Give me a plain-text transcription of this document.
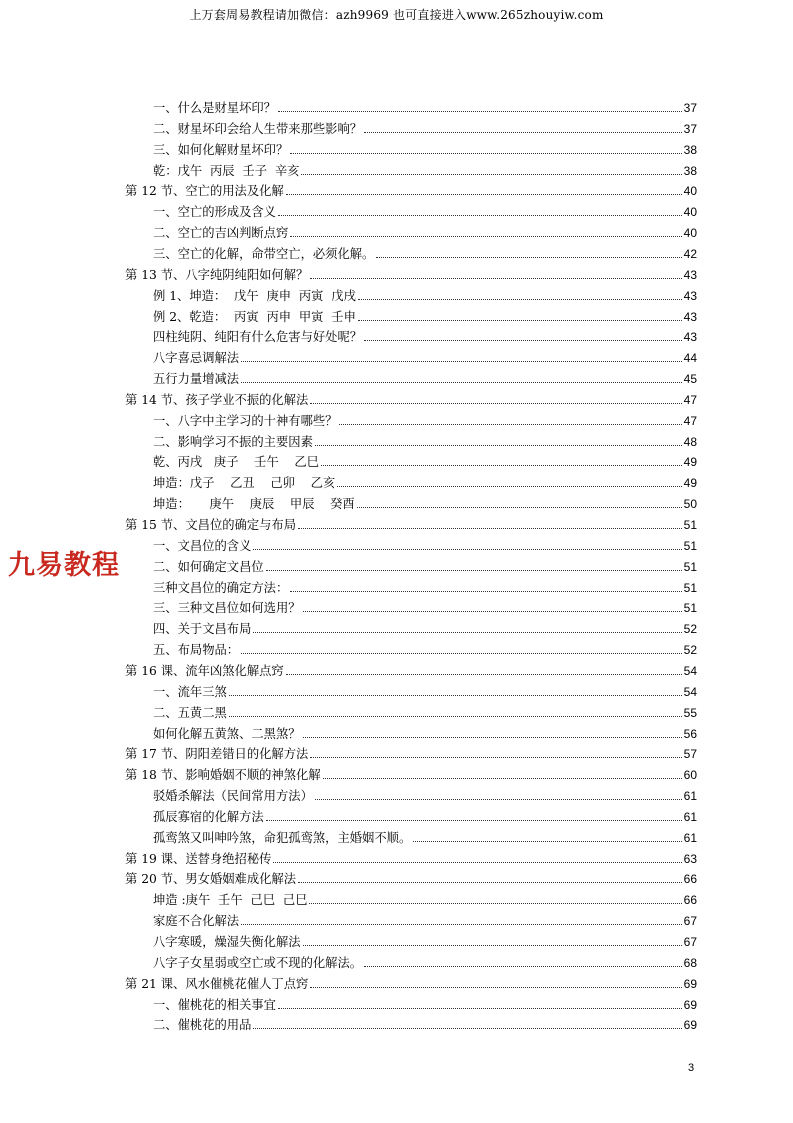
上万套周易教程请加微信：azh9969 也可直接进入www.265zhouyiw.com
九易教程
一、什么是财星坏印？	37
二、财星坏印会给人生带来那些影响？	37
三、如何化解财星坏印？	38
乾：戊午  丙辰  壬子  辛亥	38
第 12 节、空亡的用法及化解	40
一、空亡的形成及含义	40
二、空亡的吉凶判断点窍	40
三、空亡的化解，命带空亡，必须化解。	42
第 13 节、八字纯阴纯阳如何解？	43
例 1、坤造：  戊午  庚申  丙寅  戊戌	43
例 2、乾造：  丙寅  丙申  甲寅  壬申	43
四柱纯阴、纯阳有什么危害与好处呢？	43
八字喜忌调解法	44
五行力量增减法	45
第 14 节、孩子学业不振的化解法	47
一、八字中主学习的十神有哪些？	47
二、影响学习不振的主要因素	48
乾、丙戌   庚子    壬午    乙巳	49
坤造：戊子    乙丑    己卯    乙亥	49
坤造：     庚午    庚辰    甲辰    癸酉	50
第 15 节、文昌位的确定与布局	51
一、文昌位的含义	51
二、如何确定文昌位	51
三种文昌位的确定方法：	51
三、三种文昌位如何选用？	51
四、关于文昌布局	52
五、布局物品：	52
第 16 课、流年凶煞化解点窍	54
一、流年三煞	54
二、五黄二黑	55
如何化解五黄煞、二黑煞？	56
第 17 节、阴阳差错日的化解方法	57
第 18 节、影响婚姻不顺的神煞化解	60
驳婚杀解法（民间常用方法）	61
孤辰寡宿的化解方法	61
孤鸾煞又叫呻吟煞，命犯孤鸾煞，主婚姻不顺。	61
第 19 课、送替身绝招秘传	63
第 20 节、男女婚姻难成化解法	66
坤造 :庚午  壬午  己巳  己巳	66
家庭不合化解法	67
八字寒暖，燥湿失衡化解法	67
八字子女星弱或空亡或不现的化解法。	68
第 21 课、风水催桃花催人丁点窍	69
一、催桃花的相关事宜	69
二、催桃花的用品	69
3
